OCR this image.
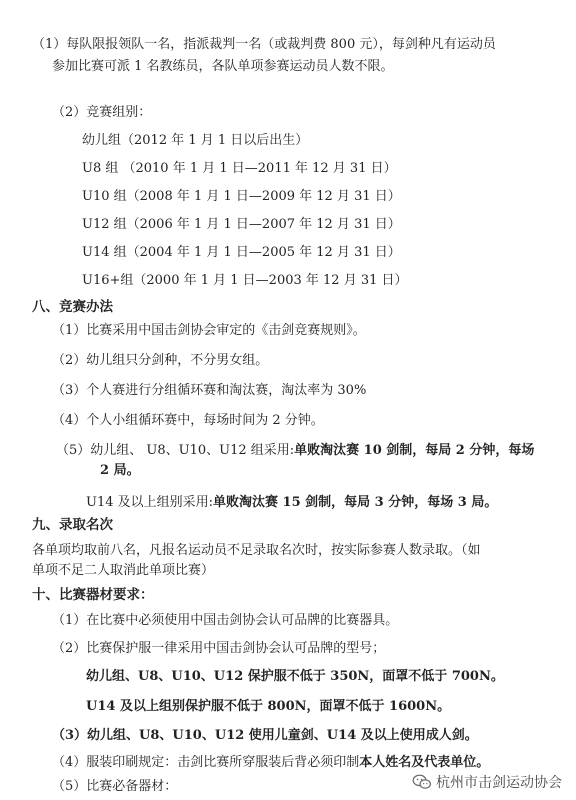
（1）每队限报领队一名，指派裁判一名（或裁判费 800 元），每剑种凡有运动员
参加比赛可派 1 名教练员，各队单项参赛运动员人数不限。
（2）竞赛组别：
幼儿组（2012 年 1 月 1 日以后出生）
U8 组 （2010 年 1 月 1 日—2011 年 12 月 31 日）
U10 组（2008 年 1 月 1 日—2009 年 12 月 31 日）
U12 组（2006 年 1 月 1 日—2007 年 12 月 31 日）
U14 组（2004 年 1 月 1 日—2005 年 12 月 31 日）
U16+组（2000 年 1 月 1 日—2003 年 12 月 31 日）
八、竞赛办法
（1）比赛采用中国击剑协会审定的《击剑竞赛规则》。
（2）幼儿组只分剑种，不分男女组。
（3）个人赛进行分组循环赛和淘汰赛，淘汰率为 30%
（4）个人小组循环赛中，每场时间为 2 分钟。
（5）幼儿组、 U8、U10、U12 组采用:单败淘汰赛 10 剑制，每局 2 分钟，每场
2 局。
U14 及以上组别采用:单败淘汰赛 15 剑制，每局 3 分钟，每场 3 局。
九、录取名次
各单项均取前八名，凡报名运动员不足录取名次时，按实际参赛人数录取。（如
单项不足二人取消此单项比赛）
十、比赛器材要求：
（1）在比赛中必须使用中国击剑协会认可品牌的比赛器具。
（2）比赛保护服一律采用中国击剑协会认可品牌的型号；
幼儿组、U8、U10、U12 保护服不低于 350N，面罩不低于 700N。
U14 及以上组别保护服不低于 800N，面罩不低于 1600N。
（3）幼儿组、U8、U10、U12 使用儿童剑、U14 及以上使用成人剑。
（4）服装印刷规定：击剑比赛所穿服装后背必须印制本人姓名及代表单位。
（5）比赛必备器材：	杭州市击剑运动协会
